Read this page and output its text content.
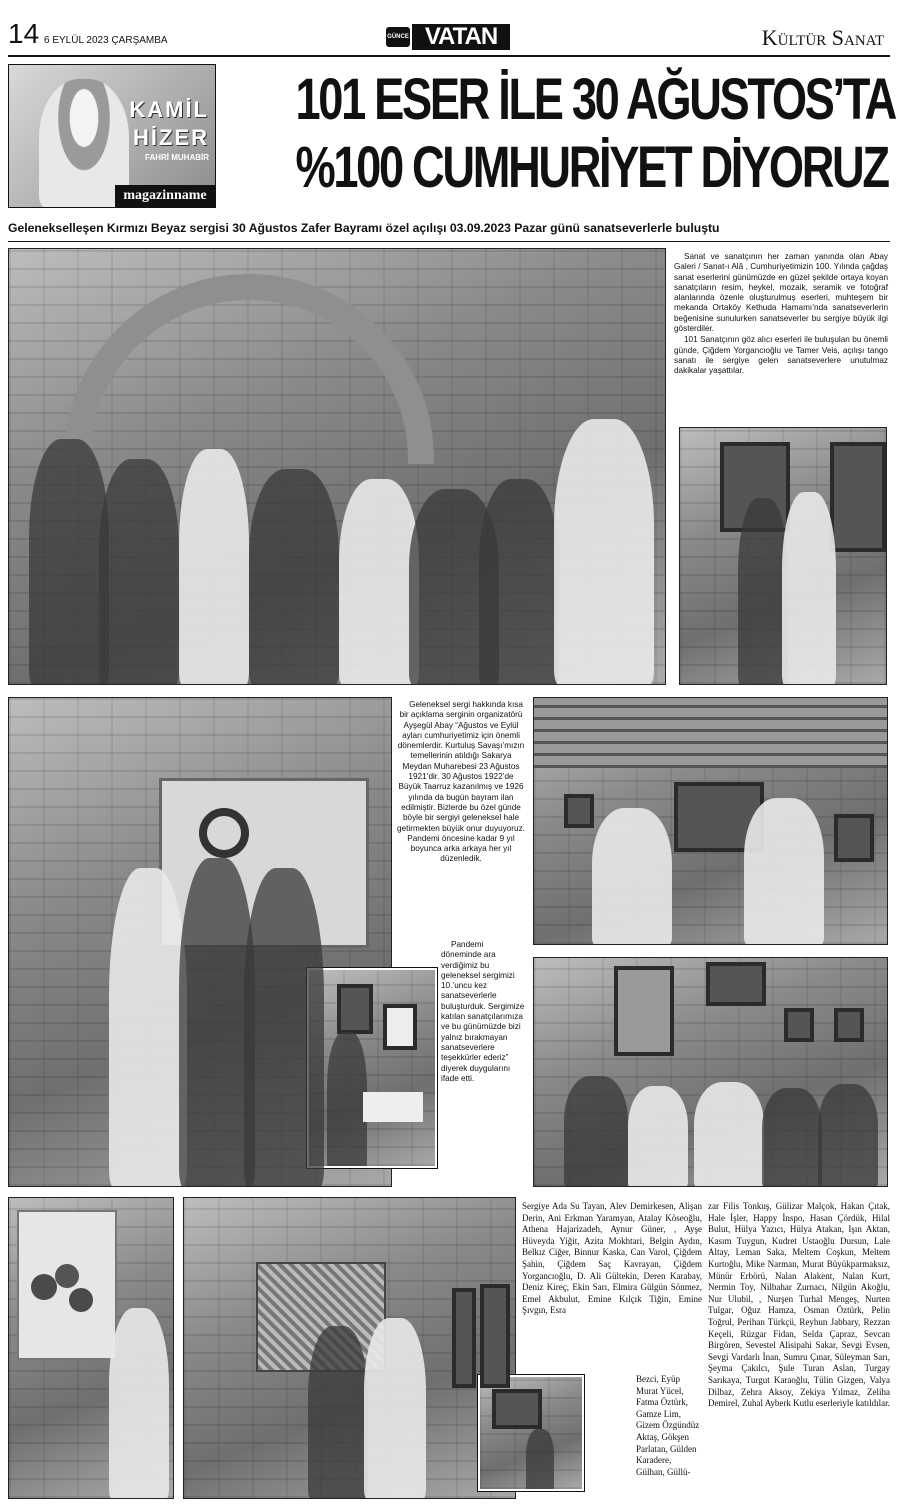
14 6 EYLÜL 2023 ÇARŞAMBA	GÜNCE VATAN	Kültür Sanat
KAMİL
HİZER
FAHRİ MUHABİR
magazinname
101 ESER İLE 30 AĞUSTOS’TA
%100 CUMHURİYET DİYORUZ
Gelenekselleşen Kırmızı Beyaz sergisi 30 Ağustos Zafer Bayramı özel açılışı 03.09.2023 Pazar günü sanatseverlerle buluştu

Sanat ve sanatçının her zaman yanında olan Abay Galeri / Sanat-ı Alâ , Cumhuriyetimizin 100. Yılında çağdaş sanat eserlerini günümüzde en güzel şekilde ortaya koyan sanatçıların resim, heykel, mozaik, seramik ve fotoğraf alanlarında özenle oluşturulmuş eserleri, muhteşem bir mekanda Ortaköy Kethuda Hamamı’nda sanatseverlerin beğenisine sunulurken sanatseverler bu sergiye büyük ilgi gösterdiler.

101 Sanatçının göz alıcı eserleri ile buluşulan bu önemli günde, Çiğdem Yorgancıoğlu ve Tamer Veis, açılışı tango sanatı ile sergiye gelen sanatseverlere unutulmaz dakikalar yaşattılar.

Geleneksel sergi hakkında kısa bir açıklama serginin organizatörü Ayşegül Abay “Ağustos ve Eylül ayları cumhuriyetimiz için önemli dönemlerdir. Kurtuluş Savaşı’mızın temellerinin atıldığı Sakarya Meydan Muharebesi 23 Ağustos 1921’dir. 30 Ağustos 1922’de Büyük Taarruz kazanılmış ve 1926 yılında da bugün bayram ilan edilmiştir. Bizlerde bu özel günde böyle bir sergiyi geleneksel hale getirmekten büyük onur duyuyoruz. Pandemi öncesine kadar 9 yıl boyunca arka arkaya her yıl düzenledik.

Pandemi döneminde ara verdiğimiz bu geleneksel sergimizi 10.’uncu kez sanatseverlerle buluşturduk. Sergimize katılan sanatçılarımıza ve bu günümüzde bizi yalnız bırakmayan sanatseverlere teşekkürler ederiz” diyerek duygularını ifade etti.

Sergiye Ada Su Tayan, Alev Demirkesen, Alişan Derin, Ani Erkman Yaramyan, Atalay Köseoğlu, Athena Hajarizadeh, Aynur Güner, , Ayşe Hüveyda Yiğit, Azita Mokhtari, Belgin Aydın, Belkız Ciğer, Binnur Kaska, Can Varol, Çiğdem Şahin, Çiğdem Saç Kavrayan, Çiğdem Yorgancıoğlu, D. Ali Gültekin, Deren Karabay, Deniz Kireç, Ekin Sarı, Elmira Gülgün Sönmez, Emel Akbulut, Emine Kılçık Tiğin, Emine Şıvgın, Esra
Bezci, Eyüp Murat Yücel, Fatma Öztürk, Gamze Lim, Gizem Özgündüz Aktaş, Gökşen Parlatan, Gülden Karadere, Gülhan, Güllü-
zar Filis Tonkuş, Gülizar Malçok, Hakan Çıtak, Hale İşler, Happy İnspo, Hasan Çördük, Hilal Bulut, Hülya Yazıcı, Hülya Atakan, Işın Aktan, Kasım Tuygun, Kudret Ustaoğlu Dursun, Lale Altay, Leman Saka, Meltem Coşkun, Meltem Kurtoğlu, Mike Narman, Murat Büyükparmaksız, Münür Erbörü, Nalan Alakent, Nalan Kurt, Nermin Toy, Nilbahar Zurnacı, Nilgün Akoğlu, Nur Ulubil, , Nurşen Turhal Mengeş, Nurten Tulgar, Oğuz Hamza, Osman Öztürk, Pelin Toğrul, Perihan Türkçü, Reyhun Jabbary, Rezzan Keçeli, Rüzgar Fidan, Selda Çapraz, Sevcan Birgören, Sevestel Alisipahi Sakar, Sevgi Evsen, Sevgi Vardarlı İnan, Sumru Çınar, Süleyman Sarı, Şeyma Çakılcı, Şule Turan Aslan, Turgay Sarıkaya, Turgut Karaoğlu, Tülin Gizgen, Valya Dilbaz, Zehra Aksoy, Zekiya Yılmaz, Zeliha Demirel, Zuhal Ayberk Kutlu eserleriyle katıldılar.
